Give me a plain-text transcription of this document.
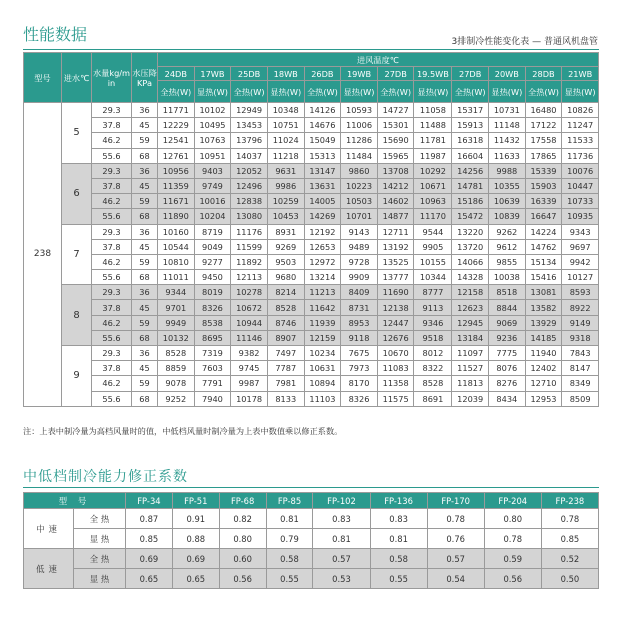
性能数据	3排制冷性能变化表 — 普通风机盘管
型号	进水℃	水量kg/min	水压降KPa	进风温度℃											
				24DB	17WB	25DB	18WB	26DB	19WB	27DB	19.5WB	27DB	20WB	28DB	21WB
				全热(W)	显热(W)	全热(W)	显热(W)	全热(W)	显热(W)	全热(W)	显热(W)	全热(W)	显热(W)	全热(W)	显热(W)
238	5	29.3	36	11771	10102	12949	10348	14126	10593	14727	11058	15317	10731	16480	10826
		37.8	45	12229	10495	13453	10751	14676	11006	15301	11488	15913	11148	17122	11247
		46.2	59	12541	10763	13796	11024	15049	11286	15690	11781	16318	11432	17558	11533
		55.6	68	12761	10951	14037	11218	15313	11484	15965	11987	16604	11633	17865	11736
	6	29.3	36	10956	9403	12052	9631	13147	9860	13708	10292	14256	9988	15339	10076
		37.8	45	11359	9749	12496	9986	13631	10223	14212	10671	14781	10355	15903	10447
		46.2	59	11671	10016	12838	10259	14005	10503	14602	10963	15186	10639	16339	10733
		55.6	68	11890	10204	13080	10453	14269	10701	14877	11170	15472	10839	16647	10935
	7	29.3	36	10160	8719	11176	8931	12192	9143	12711	9544	13220	9262	14224	9343
		37.8	45	10544	9049	11599	9269	12653	9489	13192	9905	13720	9612	14762	9697
		46.2	59	10810	9277	11892	9503	12972	9728	13525	10155	14066	9855	15134	9942
		55.6	68	11011	9450	12113	9680	13214	9909	13777	10344	14328	10038	15416	10127
	8	29.3	36	9344	8019	10278	8214	11213	8409	11690	8777	12158	8518	13081	8593
		37.8	45	9701	8326	10672	8528	11642	8731	12138	9113	12623	8844	13582	8922
		46.2	59	9949	8538	10944	8746	11939	8953	12447	9346	12945	9069	13929	9149
		55.6	68	10132	8695	11146	8907	12159	9118	12676	9518	13184	9236	14185	9318
	9	29.3	36	8528	7319	9382	7497	10234	7675	10670	8012	11097	7775	11940	7843
		37.8	45	8859	7603	9745	7787	10631	7973	11083	8322	11527	8076	12402	8147
		46.2	59	9078	7791	9987	7981	10894	8170	11358	8528	11813	8276	12710	8349
		55.6	68	9252	7940	10178	8133	11103	8326	11575	8691	12039	8434	12953	8509
注：上表中制冷量为高档风量时的值，中低档风量时制冷量为上表中数值乘以修正系数。
中低档制冷能力修正系数
型 号		FP-34	FP-51	FP-68	FP-85	FP-102	FP-136	FP-170	FP-204	FP-238
中速	全 热	0.87	0.91	0.82	0.81	0.83	0.83	0.78	0.80	0.78
	显 热	0.85	0.88	0.80	0.79	0.81	0.81	0.76	0.78	0.85
低速	全 热	0.69	0.69	0.60	0.58	0.57	0.58	0.57	0.59	0.52
	显 热	0.65	0.65	0.56	0.55	0.53	0.55	0.54	0.56	0.50
